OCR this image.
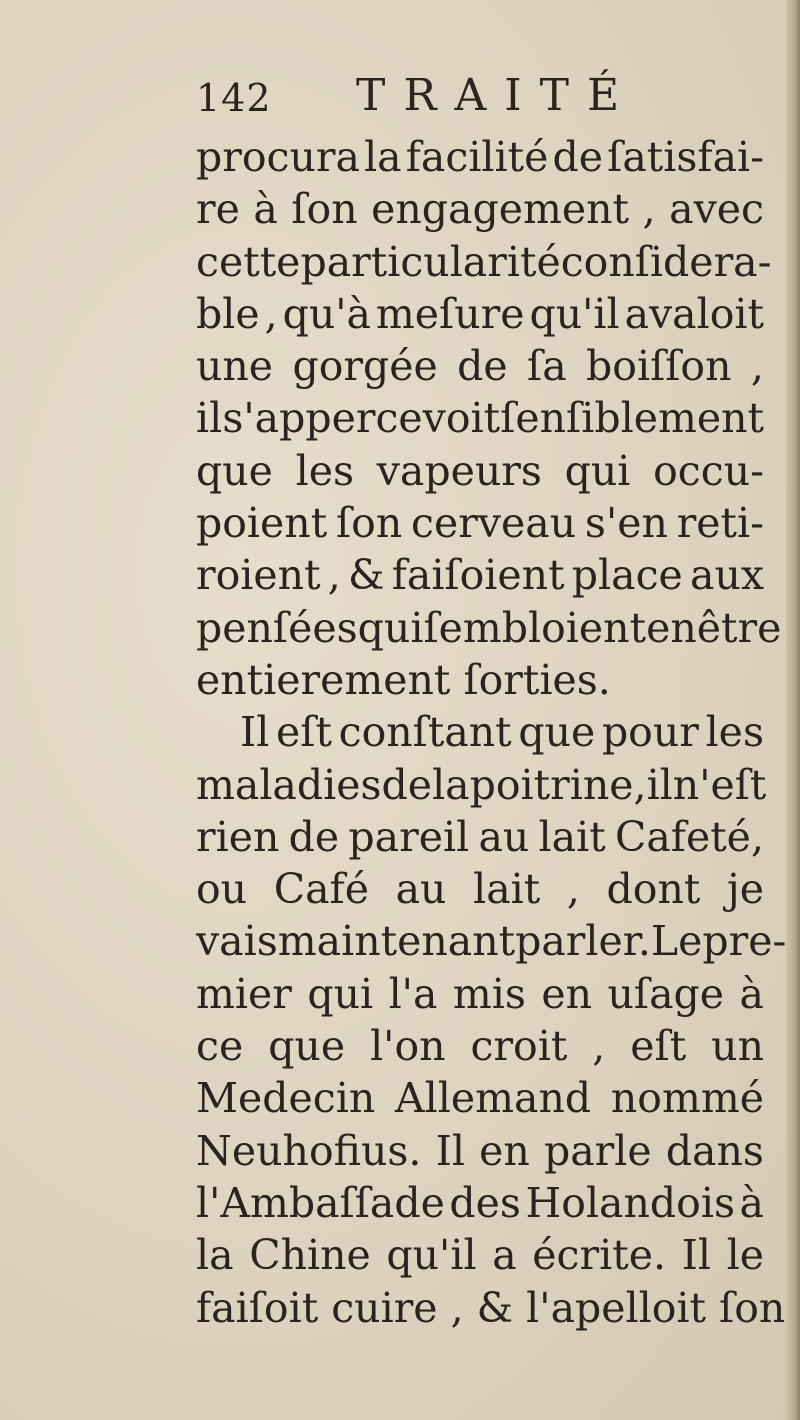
142 TRAITÉ
procura la facilité de ſatisfai-
re à ſon engagement , avec
cette particularité conſidera-
ble , qu'à meſure qu'il avaloit
une gorgée de ſa boiſſon ,
il s'appercevoit ſenſiblement
que les vapeurs qui occu-
poient ſon cerveau s'en reti-
roient , & faiſoient place aux
penſées qui ſembloient en être
entierement ſorties.
Il eſt conſtant que pour les
maladies de la poitrine, il n'eſt
rien de pareil au lait Cafeté,
ou Café au lait , dont je
vais maintenant parler. Le pre-
mier qui l'a mis en uſage à
ce que l'on croit , eſt un
Medecin Allemand nommé
Neuhofius. Il en parle dans
l'Ambaſſade des Holandois à
la Chine qu'il a écrite. Il le
faiſoit cuire , & l'apelloit ſon
